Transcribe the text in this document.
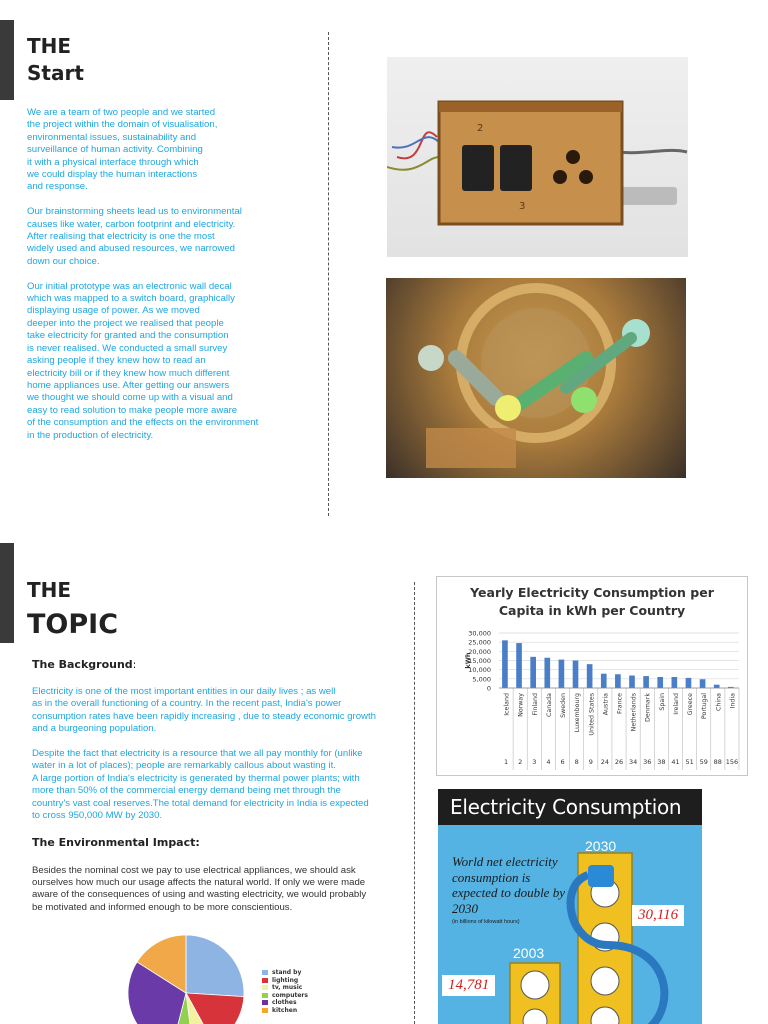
THE
Start

We are a team of two people and we started
the project within the domain of visualisation,
environmental issues, sustainability and
surveillance of human activity. Combining
it with a physical interface through which
we could display the human interactions
and response.

Our brainstorming sheets lead us to environmental
causes like water, carbon footprint and electricity.
After realising that electricity is one the most
widely used and abused resources, we narrowed
down our choice.

Our initial prototype was an electronic wall decal
which was mapped to a switch board, graphically
displaying usage of power. As we moved
deeper into the project we realised that people
take electricity for granted and the consumption
is never realised. We conducted a small survey
asking people if they knew how to read an
electricity bill or if they knew how much different
home appliances use. After getting our answers
we thought we should come up with a visual and
easy to read solution to make people more aware
of the consumption and the effects on the environment
in the production of electricity.

2
3
THE
TOPIC
The Background:

Electricity is one of the most important entities in our daily lives ; as well
as in the overall functioning of a country. In the recent past, India's power
consumption rates have been rapidly increasing , due to steady economic growth
and a burgeoning population.

Despite the fact that electricity is a resource that we all pay monthly for (unlike
water in a lot of places); people are remarkably callous about wasting it.
A large portion of India's electricity is generated by thermal power plants; with
more than 50% of the commercial energy demand being met through the
country's vast coal reserves.The total demand for electricity in India is expected
to cross 950,000 MW by 2030.

The Environmental Impact:

Besides the nominal cost we pay to use electrical appliances, we should ask
ourselves how much our usage affects the natural world. If only we were made
aware of the consequences of using and wasting electricity, we would probably
be motivated and informed enough to be more conscientious.

stand by
lighting
tv, music
computers
clothes
kitchen
Yearly Electricity Consumption per
Capita in kWh per Country
30,000
25,000
20,000
15,000
10,000
5,000
0
kWh
Iceland
1
Norway
2
Finland
3
Canada
4
Sweden
6
Luxembourg
8
United States
9
Austria
24
France
26
Netherlands
34
Denmark
36
Spain
38
Ireland
41
Greece
51
Portugal
59
China
88
India
156
Electricity Consumption
2030
2003
World net electricity consumption is expected to double by 2030
(in billions of kilowatt hours)	30,116
14,781
